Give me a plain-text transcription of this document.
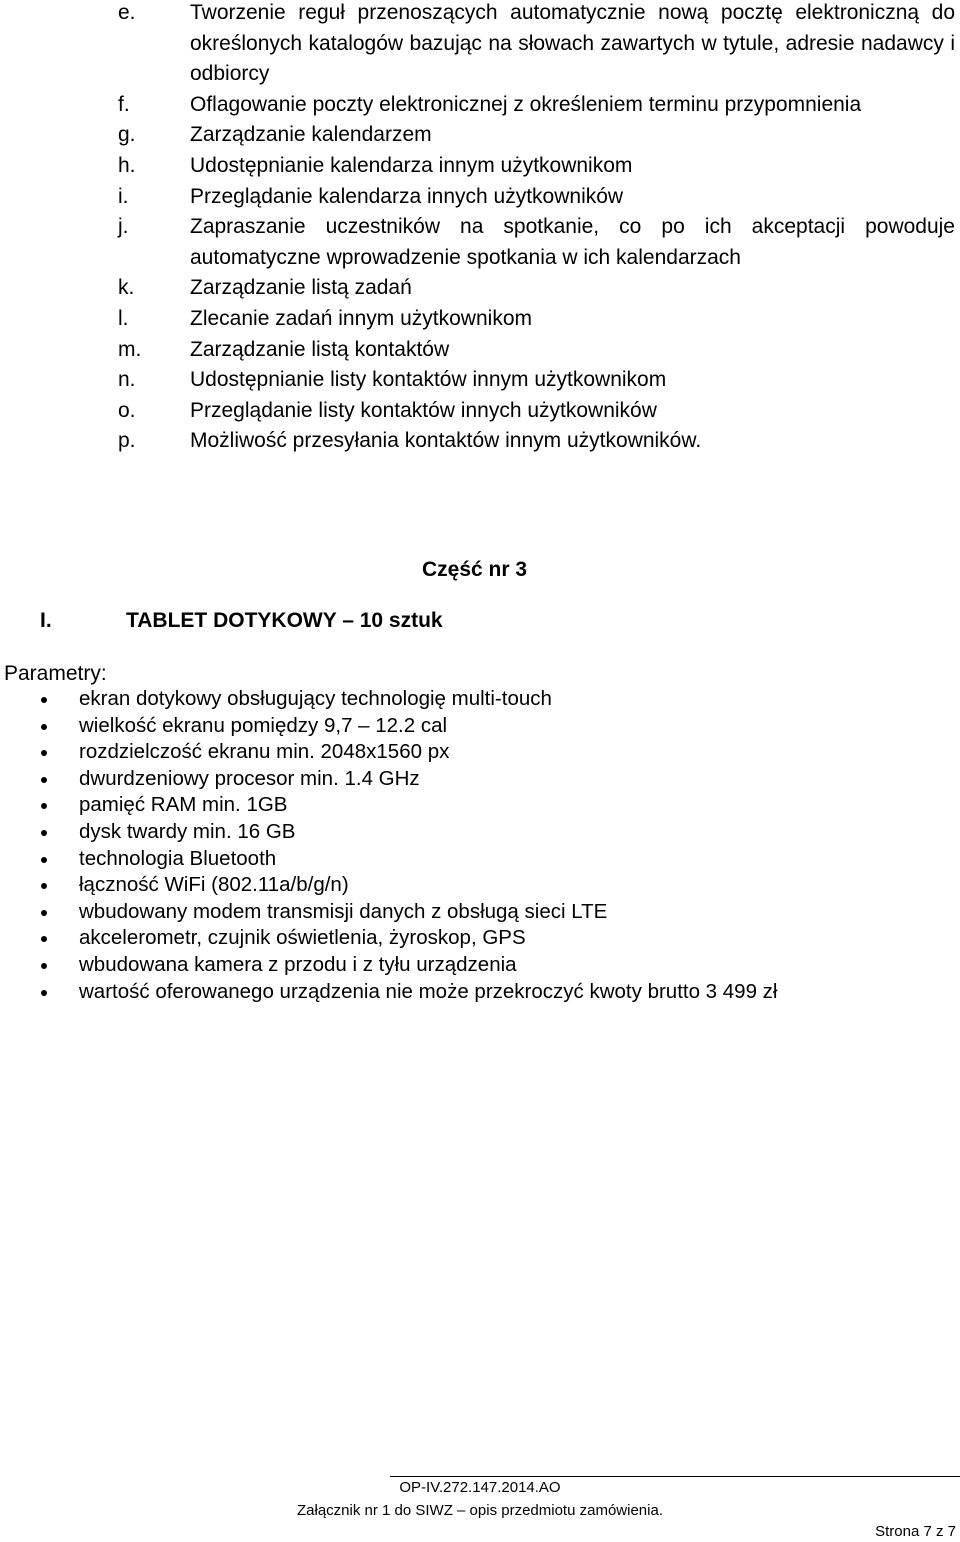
e.	Tworzenie reguł przenoszących automatycznie nową pocztę elektroniczną do określonych katalogów bazując na słowach zawartych w tytule, adresie nadawcy i odbiorcy
f.	Oflagowanie poczty elektronicznej z określeniem terminu przypomnienia
g.	Zarządzanie kalendarzem
h.	Udostępnianie kalendarza innym użytkownikom
i.	Przeglądanie kalendarza innych użytkowników
j.	Zapraszanie uczestników na spotkanie, co po ich akceptacji powoduje automatyczne wprowadzenie spotkania w ich kalendarzach
k.	Zarządzanie listą zadań
l.	Zlecanie zadań innym użytkownikom
m. Zarządzanie listą kontaktów
n.	Udostępnianie listy kontaktów innym użytkownikom
o.	Przeglądanie listy kontaktów innych użytkowników
p.	Możliwość przesyłania kontaktów innym użytkowników.
Część nr 3
I.	TABLET DOTYKOWY – 10 sztuk
Parametry:
ekran dotykowy obsługujący technologię multi-touch
wielkość ekranu pomiędzy 9,7 – 12.2 cal
rozdzielczość ekranu min. 2048x1560 px
dwurdzeniowy procesor min. 1.4 GHz
pamięć RAM min. 1GB
dysk twardy min. 16 GB
technologia Bluetooth
łączność WiFi (802.11a/b/g/n)
wbudowany modem transmisji danych z obsługą sieci LTE
akcelerometr, czujnik oświetlenia, żyroskop, GPS
wbudowana kamera z przodu i z tyłu urządzenia
wartość oferowanego urządzenia nie może przekroczyć kwoty brutto 3 499 zł
OP-IV.272.147.2014.AO
Załącznik nr 1 do SIWZ – opis przedmiotu zamówienia.
Strona 7 z 7
